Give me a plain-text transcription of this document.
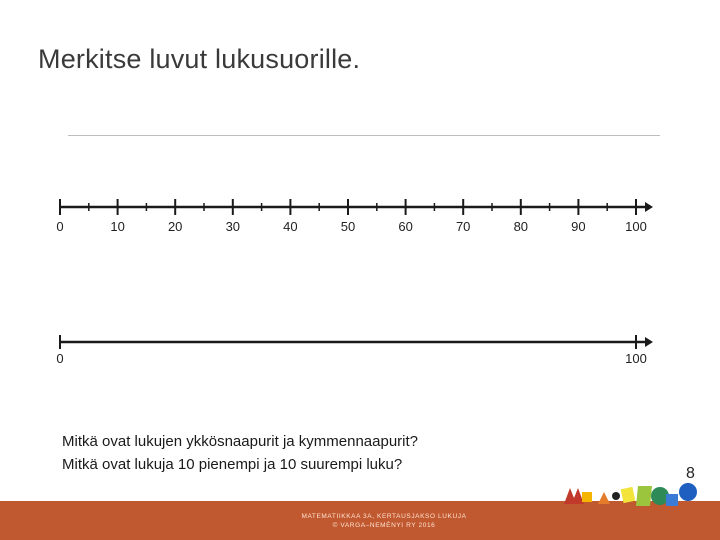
Merkitse luvut lukusuorille.
0	10	20	30	40	50	60	70	80	90	100
0	100
Mitkä ovat lukujen ykkösnaapurit ja kymmennaapurit?
Mitkä ovat lukuja 10 pienempi ja 10 suurempi luku?
8
MATEMATIIKKAA 3A, KERTAUSJAKSO LUKUJA
© VARGA–NEMÉNYI RY 2016
